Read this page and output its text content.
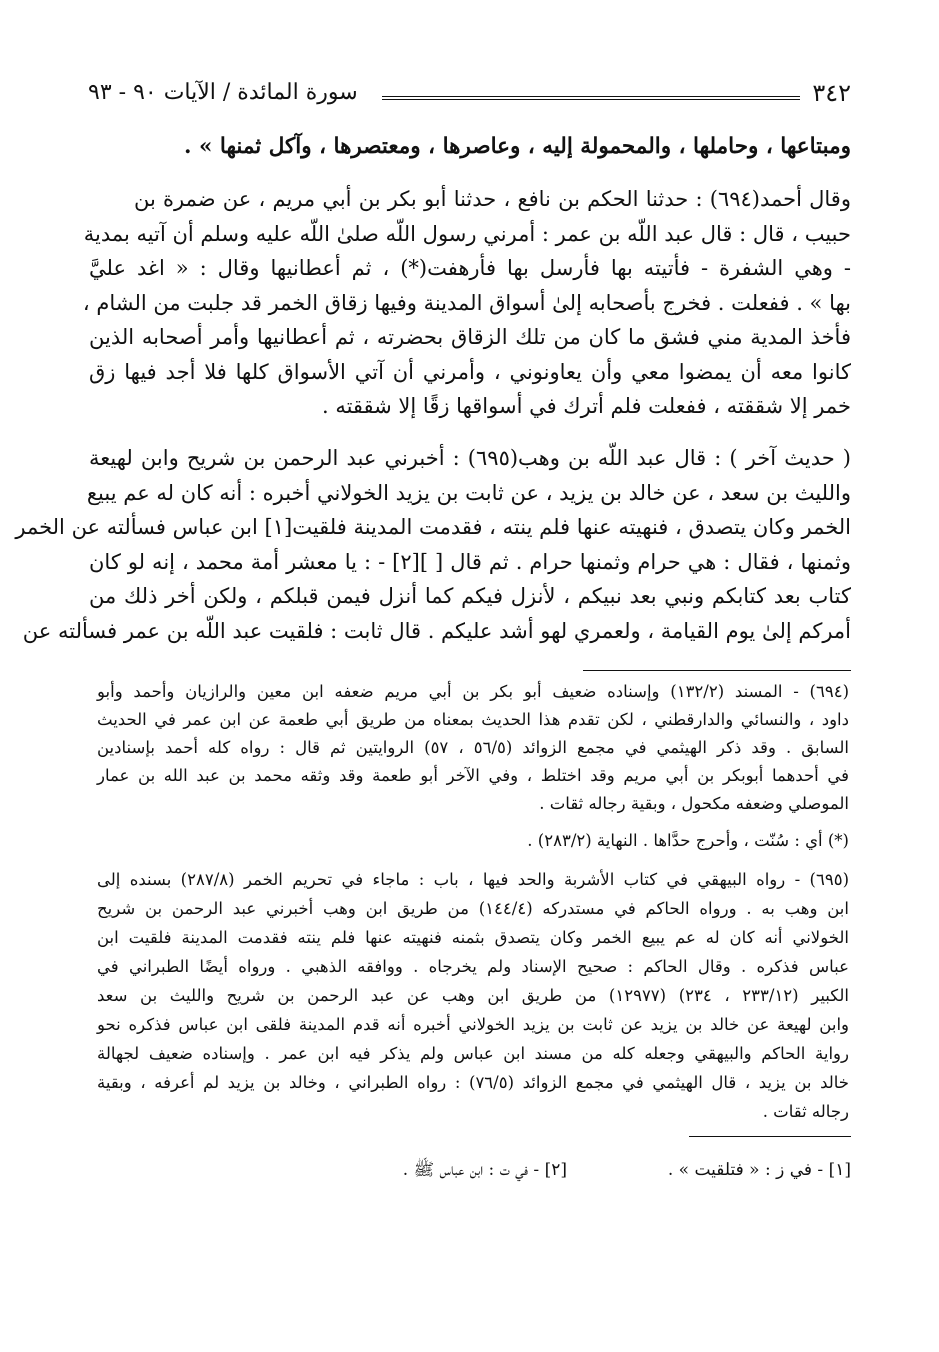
٣٤٢
سورة المائدة / الآيات ٩٠ - ٩٣
ومبتاعها ، وحاملها ، والمحمولة إليه ، وعاصرها ، ومعتصرها ، وآكل ثمنها » .
وقال أحمد(٦٩٤) : حدثنا الحكم بن نافع ، حدثنا أبو بكر بن أبي مريم ، عن ضمرة بن
حبيب ، قال : قال عبد اللّه بن عمر : أمرني رسول اللّه صلىٰ اللّه عليه وسلم أن آتيه بمدية
- وهي الشفرة - فأتيته بها فأرسل بها فأرهفت(*) ، ثم أعطانيها وقال : « اغد عليَّ
بها » . ففعلت . فخرج بأصحابه إلىٰ أسواق المدينة وفيها زقاق الخمر قد جلبت من الشام ،
فأخذ المدية مني فشق ما كان من تلك الزقاق بحضرته ، ثم أعطانيها وأمر أصحابه الذين
كانوا معه أن يمضوا معي وأن يعاونوني ، وأمرني أن آتي الأسواق كلها فلا أجد فيها زق
خمر إلا شققته ، ففعلت فلم أترك في أسواقها زقًا إلا شققته .
( حديث آخر ) : قال عبد اللّه بن وهب(٦٩٥) : أخبرني عبد الرحمن بن شريح وابن لهيعة
والليث بن سعد ، عن خالد بن يزيد ، عن ثابت بن يزيد الخولاني أخبره : أنه كان له عم يبيع
الخمر وكان يتصدق ، فنهيته عنها فلم ينته ، فقدمت المدينة فلقيت[١] ابن عباس فسألته عن الخمر
وثمنها ، فقال : هي حرام وثمنها حرام . ثم قال [ ][٢] - : يا معشر أمة محمد ، إنه لو كان
كتاب بعد كتابكم ونبي بعد نبيكم ، لأنزل فيكم كما أنزل فيمن قبلكم ، ولكن أخر ذلك من
أمركم إلىٰ يوم القيامة ، ولعمري لهو أشد عليكم . قال ثابت : فلقيت عبد اللّه بن عمر فسألته عن
(٦٩٤) - المسند (١٣٢/٢) وإسناده ضعيف أبو بكر بن أبي مريم ضعفه ابن معين والرازيان وأحمد وأبو
داود ، والنسائي والدارقطني ، لكن تقدم هذا الحديث بمعناه من طريق أبي طعمة عن ابن عمر في الحديث
السابق . وقد ذكر الهيثمي في مجمع الزوائد (٥٦/٥ ، ٥٧) الروايتين ثم قال : رواه كله أحمد بإسنادين
في أحدهما أبوبكر بن أبي مريم وقد اختلط ، وفي الآخر أبو طعمة وقد وثقه محمد بن عبد الله بن عمار
الموصلي وضعفه مكحول ، وبقية رجاله ثقات .
(*) أي : سُنّت ، وأحرج حدَّاها . النهاية (٢٨٣/٢) .
(٦٩٥) - رواه البيهقي في كتاب الأشربة والحد فيها ، باب : ماجاء في تحريم الخمر (٢٨٧/٨) بسنده إلى
ابن وهب به . ورواه الحاكم في مستدركه (١٤٤/٤) من طريق ابن وهب أخبرني عبد الرحمن بن شريح
الخولاني أنه كان له عم يبيع الخمر وكان يتصدق بثمنه فنهيته عنها فلم ينته فقدمت المدينة فلقيت ابن
عباس فذكره . وقال الحاكم : صحيح الإسناد ولم يخرجاه . ووافقه الذهبي . ورواه أيضًا الطبراني في
الكبير (٢٣٣/١٢ ، ٢٣٤) (١٢٩٧٧) من طريق ابن وهب عن عبد الرحمن بن شريح والليث بن سعد
وابن لهيعة عن خالد بن يزيد عن ثابت بن يزيد الخولاني أخبره أنه قدم المدينة فلقى ابن عباس فذكره نحو
رواية الحاكم والبيهقي وجعله كله من مسند ابن عباس ولم يذكر فيه ابن عمر . وإسناده ضعيف لجهالة
خالد بن يزيد ، قال الهيثمي في مجمع الزوائد (٧٦/٥) : رواه الطبراني ، وخالد بن يزيد لم أعرفه ، وبقية
رجاله ثقات .
[١] - في ز : « فتلقيت » .
[٢] - في ت : ابن عباس ﷺ .
